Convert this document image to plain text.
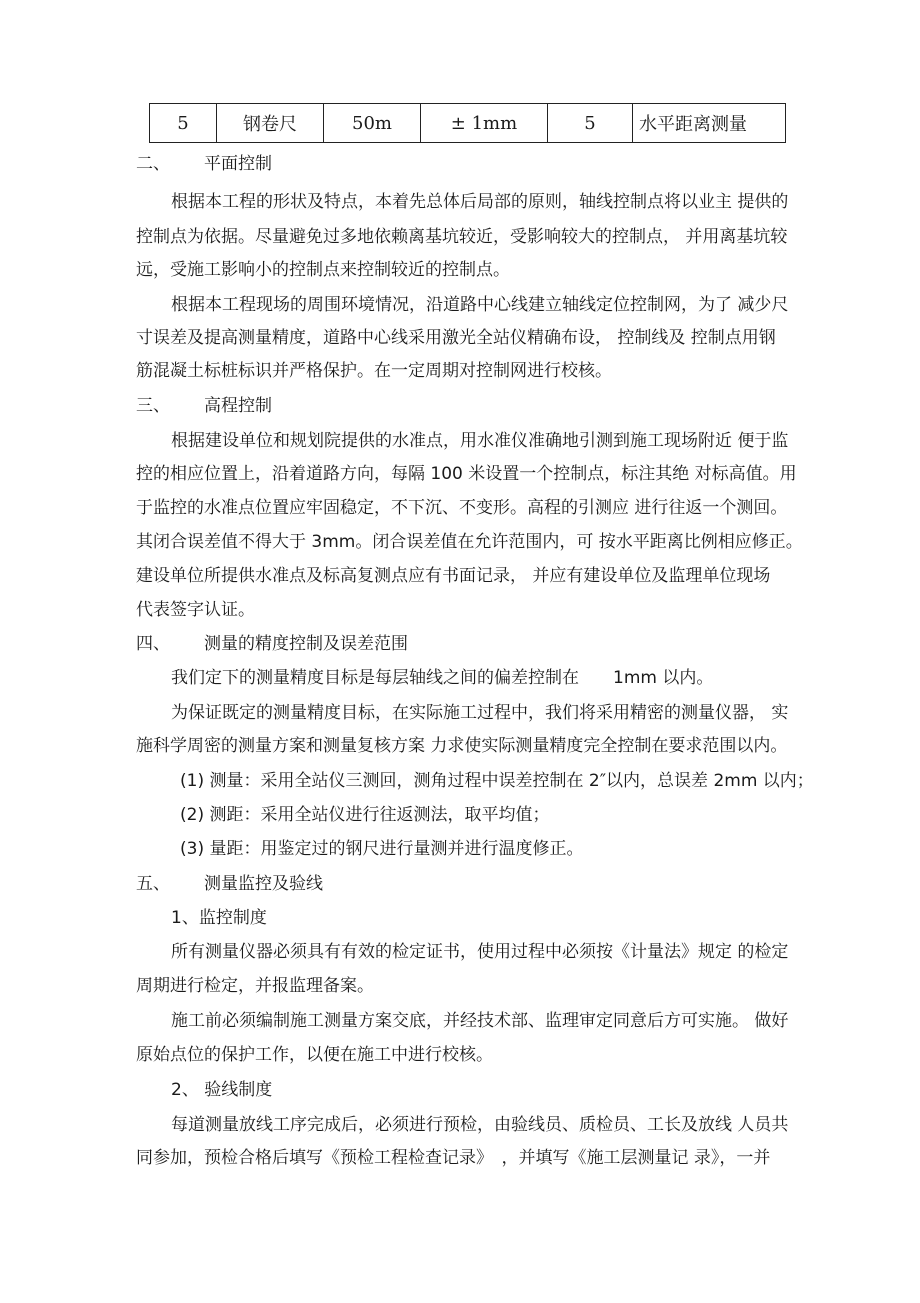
5	钢卷尺	50m	± 1mm	5	水平距离测量
二、 平面控制
根据本工程的形状及特点，本着先总体后局部的原则，轴线控制点将以业主 提供的
控制点为依据。尽量避免过多地依赖离基坑较近，受影响较大的控制点， 并用离基坑较
远，受施工影响小的控制点来控制较近的控制点。
根据本工程现场的周围环境情况，沿道路中心线建立轴线定位控制网，为了 减少尺
寸误差及提高测量精度，道路中心线采用激光全站仪精确布设， 控制线及 控制点用钢
筋混凝土标桩标识并严格保护。在一定周期对控制网进行校核。
三、 高程控制
根据建设单位和规划院提供的水准点，用水准仪准确地引测到施工现场附近 便于监
控的相应位置上，沿着道路方向，每隔 100 米设置一个控制点，标注其绝 对标高值。用
于监控的水准点位置应牢固稳定，不下沉、不变形。高程的引测应 进行往返一个测回。
其闭合误差值不得大于 3mm。闭合误差值在允许范围内，可 按水平距离比例相应修正。
建设单位所提供水准点及标高复测点应有书面记录， 并应有建设单位及监理单位现场
代表签字认证。
四、 测量的精度控制及误差范围
我们定下的测量精度目标是每层轴线之间的偏差控制在　　1mm 以内。
为保证既定的测量精度目标，在实际施工过程中，我们将采用精密的测量仪器， 实
施科学周密的测量方案和测量复核方案 力求使实际测量精度完全控制在要求范围以内。
(1) 测量：采用全站仪三测回，测角过程中误差控制在 2″以内，总误差 2mm 以内；
(2) 测距：采用全站仪进行往返测法，取平均值；
(3) 量距：用鉴定过的钢尺进行量测并进行温度修正。
五、 测量监控及验线
1、监控制度
所有测量仪器必须具有有效的检定证书，使用过程中必须按《计量法》规定 的检定
周期进行检定，并报监理备案。
施工前必须编制施工测量方案交底，并经技术部、监理审定同意后方可实施。 做好
原始点位的保护工作，以便在施工中进行校核。
2、 验线制度
每道测量放线工序完成后，必须进行预检，由验线员、质检员、工长及放线 人员共
同参加，预检合格后填写《预检工程检查记录》　，并填写《施工层测量记 录》，一并
